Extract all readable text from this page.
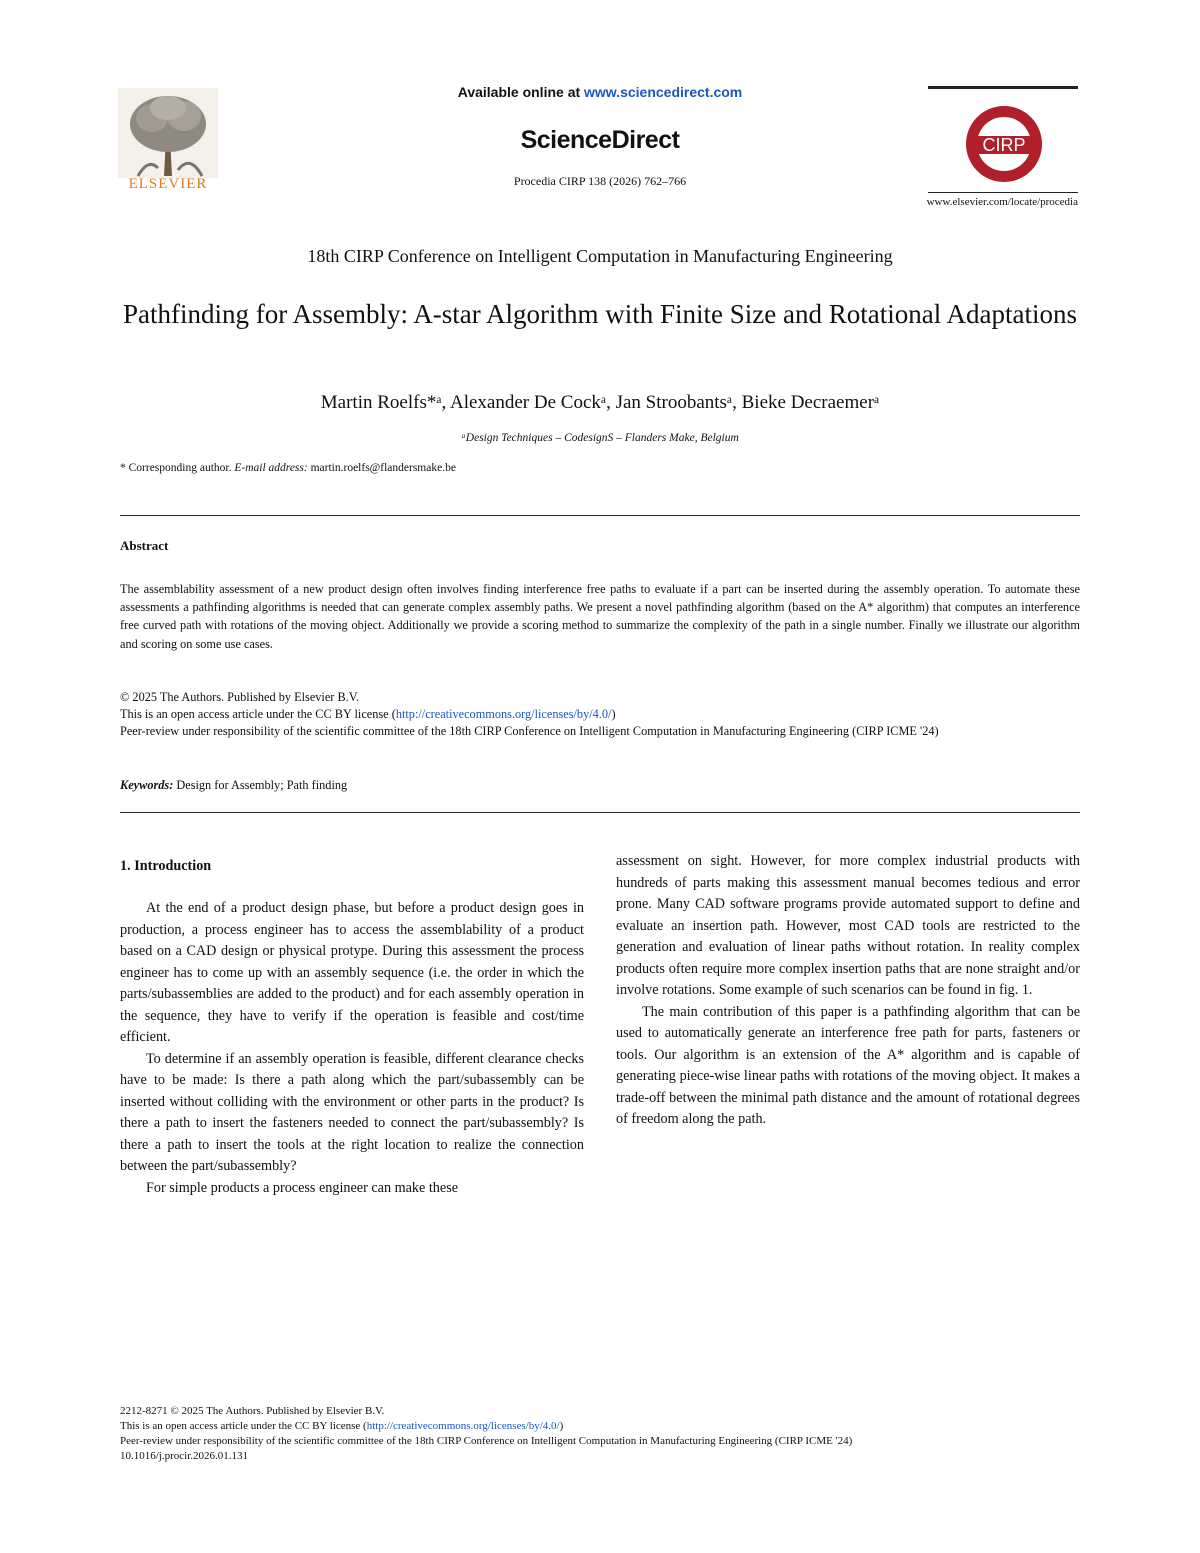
ELSEVIER
Available online at www.sciencedirect.com
ScienceDirect
Procedia CIRP 138 (2026) 762–766
CIRP
www.elsevier.com/locate/procedia
18th CIRP Conference on Intelligent Computation in Manufacturing Engineering
Pathfinding for Assembly: A-star Algorithm with Finite Size and Rotational Adaptations
Martin Roelfs*ᵃ, Alexander De Cockᵃ, Jan Stroobantsᵃ, Bieke Decraemerᵃ
ᵃDesign Techniques – CodesignS – Flanders Make, Belgium
* Corresponding author. E-mail address: martin.roelfs@flandersmake.be
Abstract
The assemblability assessment of a new product design often involves finding interference free paths to evaluate if a part can be inserted during the assembly operation. To automate these assessments a pathfinding algorithms is needed that can generate complex assembly paths. We present a novel pathfinding algorithm (based on the A* algorithm) that computes an interference free curved path with rotations of the moving object. Additionally we provide a scoring method to summarize the complexity of the path in a single number. Finally we illustrate our algorithm and scoring on some use cases.
© 2025 The Authors. Published by Elsevier B.V.
This is an open access article under the CC BY license (http://creativecommons.org/licenses/by/4.0/)
Peer-review under responsibility of the scientific committee of the 18th CIRP Conference on Intelligent Computation in Manufacturing Engineering (CIRP ICME '24)
Keywords: Design for Assembly; Path finding
1. Introduction

At the end of a product design phase, but before a product design goes in production, a process engineer has to access the assemblability of a product based on a CAD design or physical protype. During this assessment the process engineer has to come up with an assembly sequence (i.e. the order in which the parts/subassemblies are added to the product) and for each assembly operation in the sequence, they have to verify if the operation is feasible and cost/time efficient.

To determine if an assembly operation is feasible, different clearance checks have to be made: Is there a path along which the part/subassembly can be inserted without colliding with the environment or other parts in the product? Is there a path to insert the fasteners needed to connect the part/subassembly? Is there a path to insert the tools at the right location to realize the connection between the part/subassembly?

For simple products a process engineer can make these

assessment on sight. However, for more complex industrial products with hundreds of parts making this assessment manual becomes tedious and error prone. Many CAD software programs provide automated support to define and evaluate an insertion path. However, most CAD tools are restricted to the generation and evaluation of linear paths without rotation. In reality complex products often require more complex insertion paths that are none straight and/or involve rotations. Some example of such scenarios can be found in fig. 1.

The main contribution of this paper is a pathfinding algorithm that can be used to automatically generate an interference free path for parts, fasteners or tools. Our algorithm is an extension of the A* algorithm and is capable of generating piece-wise linear paths with rotations of the moving object. It makes a trade-off between the minimal path distance and the amount of rotational degrees of freedom along the path.

2212-8271 © 2025 The Authors. Published by Elsevier B.V.
This is an open access article under the CC BY license (http://creativecommons.org/licenses/by/4.0/)
Peer-review under responsibility of the scientific committee of the 18th CIRP Conference on Intelligent Computation in Manufacturing Engineering (CIRP ICME '24)
10.1016/j.procir.2026.01.131
